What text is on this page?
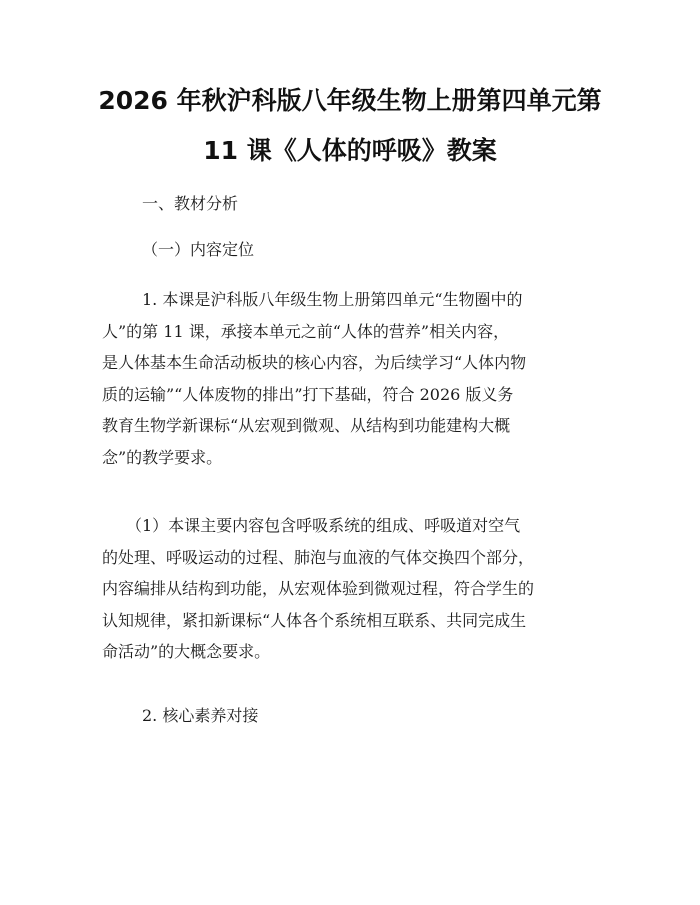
2026 年秋沪科版八年级生物上册第四单元第
11 课《人体的呼吸》教案

一、教材分析

（一）内容定位

1. 本课是沪科版八年级生物上册第四单元“生物圈中的
人”的第 11 课，承接本单元之前“人体的营养”相关内容，
是人体基本生命活动板块的核心内容，为后续学习“人体内物
质的运输”“人体废物的排出”打下基础，符合 2026 版义务
教育生物学新课标“从宏观到微观、从结构到功能建构大概
念”的教学要求。
（1）本课主要内容包含呼吸系统的组成、呼吸道对空气
的处理、呼吸运动的过程、肺泡与血液的气体交换四个部分，
内容编排从结构到功能，从宏观体验到微观过程，符合学生的
认知规律，紧扣新课标“人体各个系统相互联系、共同完成生
命活动”的大概念要求。

2. 核心素养对接
